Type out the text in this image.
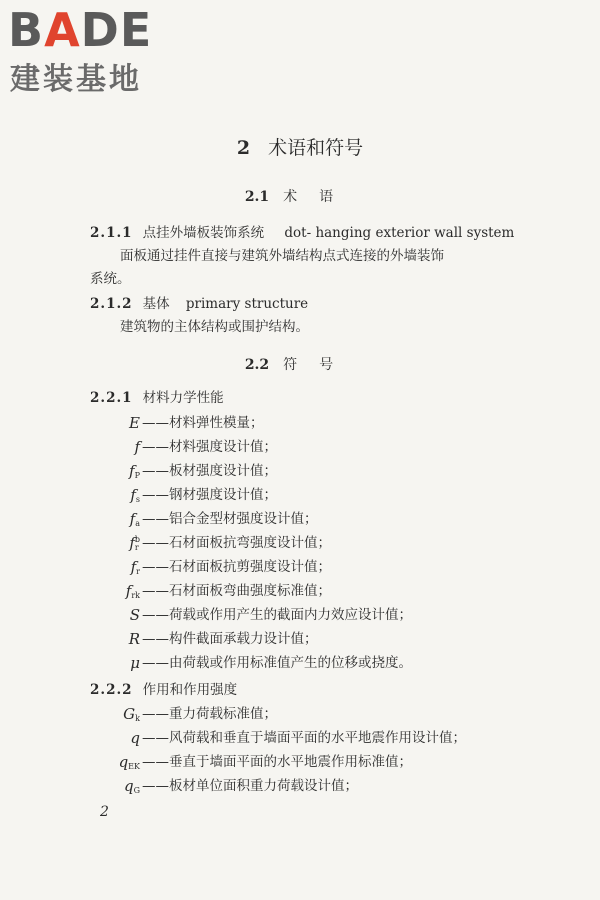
BADE
建装基地
2 术语和符号
2.1 术语
2.1.1 点挂外墙板装饰系统 dot- hanging exterior wall system
面板通过挂件直接与建筑外墙结构点式连接的外墙装饰
系统。
2.1.2 基体 primary structure
建筑物的主体结构或围护结构。
2.2 符号
2.2.1 材料力学性能
E ——材料弹性模量；
f ——材料强度设计值；
f
P ——板材强度设计值；
f
s ——钢材强度设计值；
f
a ——铝合金型材强度设计值；
f b
r ——石材面板抗弯强度设计值；
f
r ——石材面板抗剪强度设计值；
f
rk ——石材面板弯曲强度标准值；
S ——荷载或作用产生的截面内力效应设计值；
R ——构件截面承载力设计值；
μ ——由荷载或作用标准值产生的位移或挠度。
2.2.2 作用和作用强度
G
k ——重力荷载标准值；
q ——风荷载和垂直于墙面平面的水平地震作用设计值；
q
EK ——垂直于墙面平面的水平地震作用标准值；
q
G ——板材单位面积重力荷载设计值；
2
